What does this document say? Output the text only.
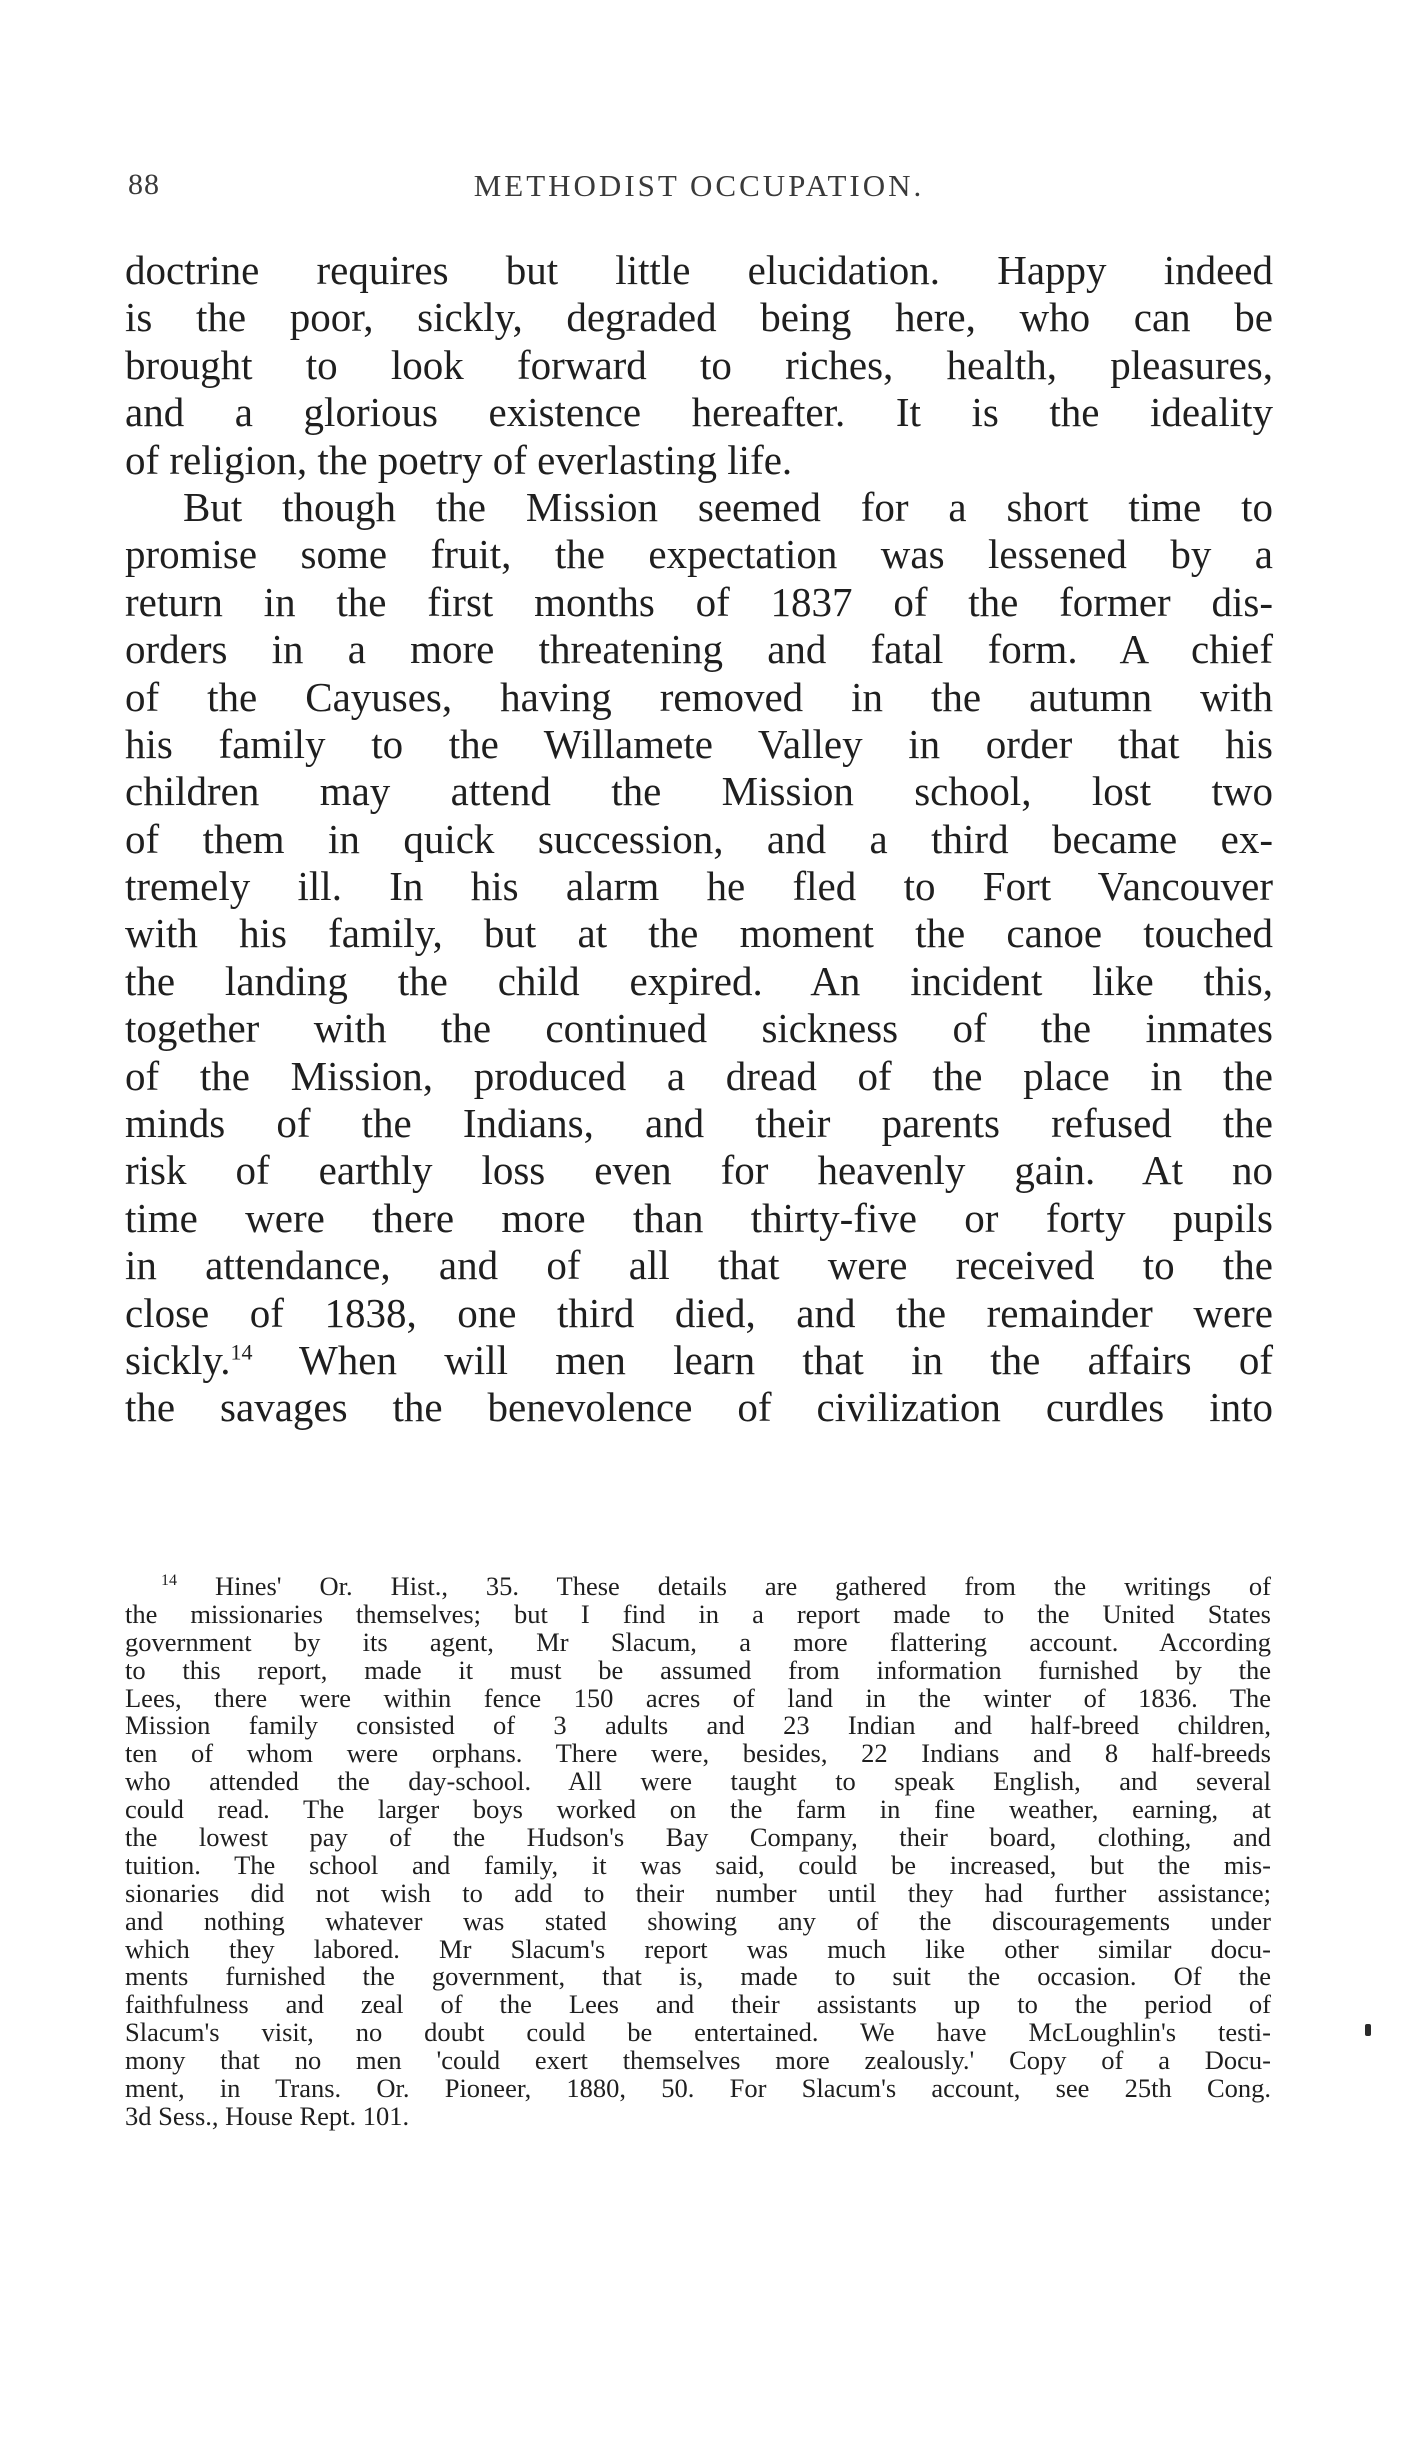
88	METHODIST OCCUPATION.
doctrine requires but little elucidation. Happy indeed
is the poor, sickly, degraded being here, who can be
brought to look forward to riches, health, pleasures,
and a glorious existence hereafter. It is the ideality
of religion, the poetry of everlasting life.
But though the Mission seemed for a short time to
promise some fruit, the expectation was lessened by a
return in the first months of 1837 of the former dis-
orders in a more threatening and fatal form. A chief
of the Cayuses, having removed in the autumn with
his family to the Willamete Valley in order that his
children may attend the Mission school, lost two
of them in quick succession, and a third became ex-
tremely ill. In his alarm he fled to Fort Vancouver
with his family, but at the moment the canoe touched
the landing the child expired. An incident like this,
together with the continued sickness of the inmates
of the Mission, produced a dread of the place in the
minds of the Indians, and their parents refused the
risk of earthly loss even for heavenly gain. At no
time were there more than thirty-five or forty pupils
in attendance, and of all that were received to the
close of 1838, one third died, and the remainder were
sickly.$^{14}$ When will men learn that in the affairs of
the savages the benevolence of civilization curdles into
$^{14}$ Hines' Or. Hist., 35. These details are gathered from the writings of
the missionaries themselves; but I find in a report made to the United States
government by its agent, Mr Slacum, a more flattering account. According
to this report, made it must be assumed from information furnished by the
Lees, there were within fence 150 acres of land in the winter of 1836. The
Mission family consisted of 3 adults and 23 Indian and half-breed children,
ten of whom were orphans. There were, besides, 22 Indians and 8 half-breeds
who attended the day-school. All were taught to speak English, and several
could read. The larger boys worked on the farm in fine weather, earning, at
the lowest pay of the Hudson's Bay Company, their board, clothing, and
tuition. The school and family, it was said, could be increased, but the mis-
sionaries did not wish to add to their number until they had further assistance;
and nothing whatever was stated showing any of the discouragements under
which they labored. Mr Slacum's report was much like other similar docu-
ments furnished the government, that is, made to suit the occasion. Of the
faithfulness and zeal of the Lees and their assistants up to the period of
Slacum's visit, no doubt could be entertained. We have McLoughlin's testi-
mony that no men 'could exert themselves more zealously.' Copy of a Docu-
ment, in Trans. Or. Pioneer, 1880, 50. For Slacum's account, see 25th Cong.
3d Sess., House Rept. 101.
